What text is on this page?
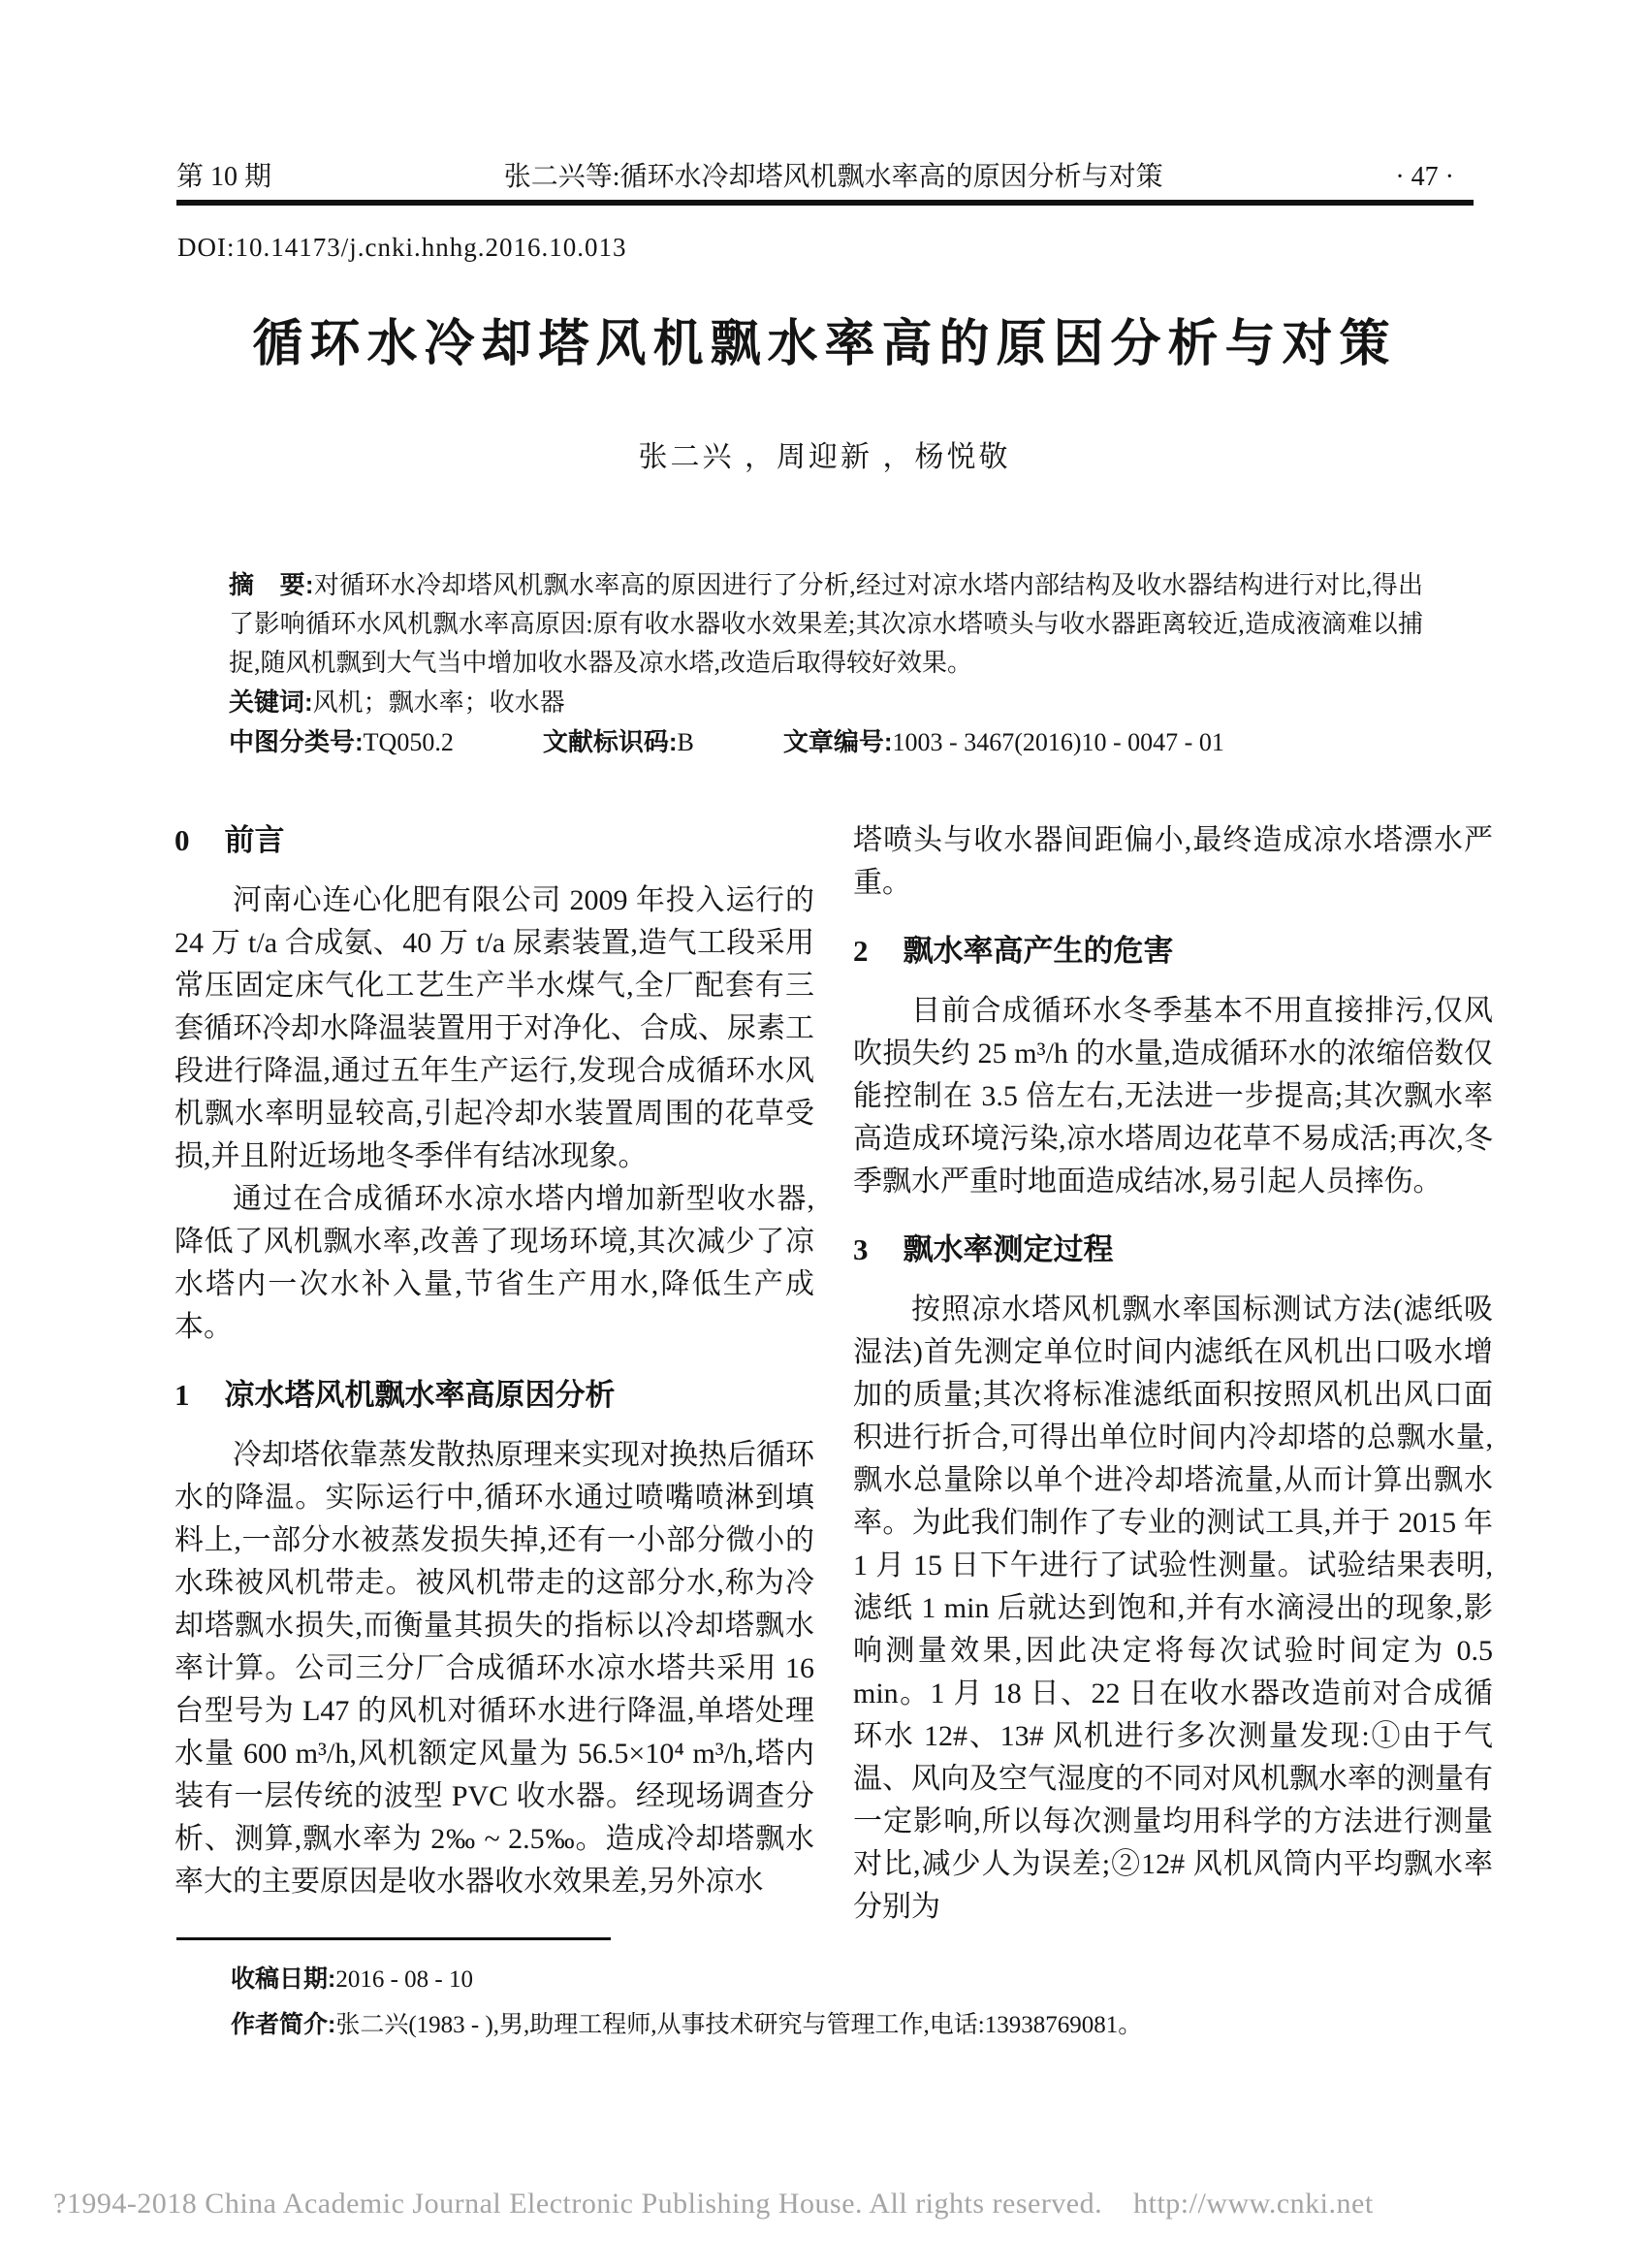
第 10 期	张二兴等:循环水冷却塔风机飘水率高的原因分析与对策	· 47 ·
DOI:10.14173/j.cnki.hnhg.2016.10.013
循环水冷却塔风机飘水率高的原因分析与对策
张二兴 ，周迎新 ，杨悦敬

摘　要:对循环水冷却塔风机飘水率高的原因进行了分析,经过对凉水塔内部结构及收水器结构进行对比,得出了影响循环水风机飘水率高原因:原有收水器收水效果差;其次凉水塔喷头与收水器距离较近,造成液滴难以捕捉,随风机飘到大气当中增加收水器及凉水塔,改造后取得较好效果。

关键词:风机；飘水率；收水器

中图分类号:TQ050.2	文献标识码:B	文章编号:1003 - 3467(2016)10 - 0047 - 01

0 前言

河南心连心化肥有限公司 2009 年投入运行的 24 万 t/a 合成氨、40 万 t/a 尿素装置,造气工段采用常压固定床气化工艺生产半水煤气,全厂配套有三套循环冷却水降温装置用于对净化、合成、尿素工段进行降温,通过五年生产运行,发现合成循环水风机飘水率明显较高,引起冷却水装置周围的花草受损,并且附近场地冬季伴有结冰现象。

通过在合成循环水凉水塔内增加新型收水器,降低了风机飘水率,改善了现场环境,其次减少了凉水塔内一次水补入量,节省生产用水,降低生产成本。

1 凉水塔风机飘水率高原因分析

冷却塔依靠蒸发散热原理来实现对换热后循环水的降温。实际运行中,循环水通过喷嘴喷淋到填料上,一部分水被蒸发损失掉,还有一小部分微小的水珠被风机带走。被风机带走的这部分水,称为冷却塔飘水损失,而衡量其损失的指标以冷却塔飘水率计算。公司三分厂合成循环水凉水塔共采用 16 台型号为 L47 的风机对循环水进行降温,单塔处理水量 600 m³/h,风机额定风量为 56.5×10⁴ m³/h,塔内装有一层传统的波型 PVC 收水器。经现场调查分析、测算,飘水率为 2‰ ~ 2.5‰。造成冷却塔飘水率大的主要原因是收水器收水效果差,另外凉水

塔喷头与收水器间距偏小,最终造成凉水塔漂水严重。

2 飘水率高产生的危害

目前合成循环水冬季基本不用直接排污,仅风吹损失约 25 m³/h 的水量,造成循环水的浓缩倍数仅能控制在 3.5 倍左右,无法进一步提高;其次飘水率高造成环境污染,凉水塔周边花草不易成活;再次,冬季飘水严重时地面造成结冰,易引起人员摔伤。

3 飘水率测定过程

按照凉水塔风机飘水率国标测试方法(滤纸吸湿法)首先测定单位时间内滤纸在风机出口吸水增加的质量;其次将标准滤纸面积按照风机出风口面积进行折合,可得出单位时间内冷却塔的总飘水量,飘水总量除以单个进冷却塔流量,从而计算出飘水率。为此我们制作了专业的测试工具,并于 2015 年 1 月 15 日下午进行了试验性测量。试验结果表明,滤纸 1 min 后就达到饱和,并有水滴浸出的现象,影响测量效果,因此决定将每次试验时间定为 0.5 min。1 月 18 日、22 日在收水器改造前对合成循环水 12#、13# 风机进行多次测量发现:①由于气温、风向及空气湿度的不同对风机飘水率的测量有一定影响,所以每次测量均用科学的方法进行测量对比,减少人为误差;②12# 风机风筒内平均飘水率分别为

收稿日期:2016 - 08 - 10

作者简介:张二兴(1983 - ),男,助理工程师,从事技术研究与管理工作,电话:13938769081。

?1994-2018 China Academic Journal Electronic Publishing House. All rights reserved.    http://www.cnki.net
